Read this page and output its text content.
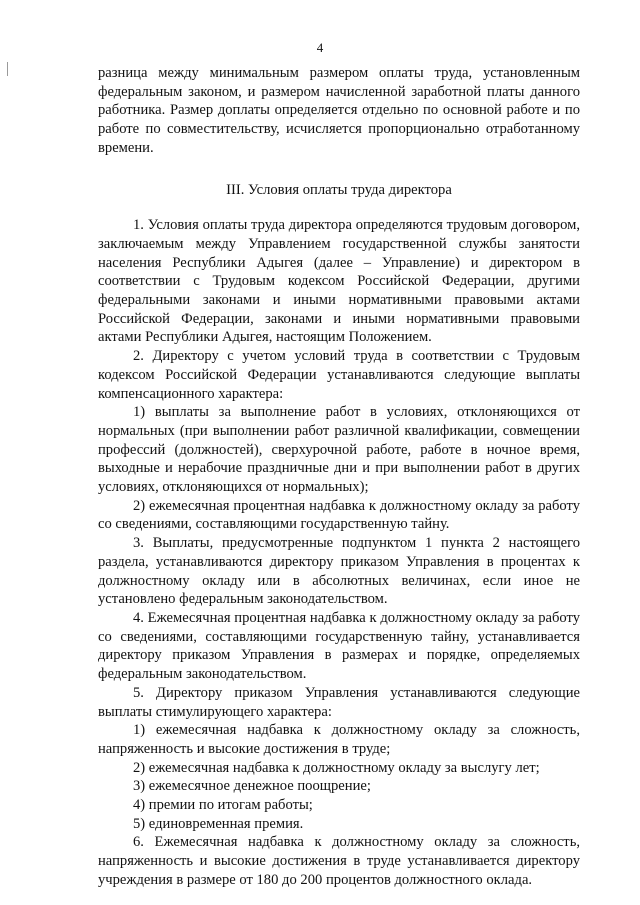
4

разница между минимальным размером оплаты труда, установленным федеральным законом, и размером начисленной заработной платы данного работника. Размер доплаты определяется отдельно по основной работе и по работе по совместительству, исчисляется пропорционально отработанному времени.

III. Условия оплаты труда директора

1. Условия оплаты труда директора определяются трудовым договором, заключаемым между Управлением государственной службы занятости населения Республики Адыгея (далее – Управление) и директором в соответствии с Трудовым кодексом Российской Федерации, другими федеральными законами и иными нормативными правовыми актами Российской Федерации, законами и иными нормативными правовыми актами Республики Адыгея, настоящим Положением.

2. Директору с учетом условий труда в соответствии с Трудовым кодексом Российской Федерации устанавливаются следующие выплаты компенсационного характера:

1) выплаты за выполнение работ в условиях, отклоняющихся от нормальных (при выполнении работ различной квалификации, совмещении профессий (должностей), сверхурочной работе, работе в ночное время, выходные и нерабочие праздничные дни и при выполнении работ в других условиях, отклоняющихся от нормальных);

2) ежемесячная процентная надбавка к должностному окладу за работу со сведениями, составляющими государственную тайну.

3. Выплаты, предусмотренные подпунктом 1 пункта 2 настоящего раздела, устанавливаются директору приказом Управления в процентах к должностному окладу или в абсолютных величинах, если иное не установлено федеральным законодательством.

4. Ежемесячная процентная надбавка к должностному окладу за работу со сведениями, составляющими государственную тайну, устанавливается директору приказом Управления в размерах и порядке, определяемых федеральным законодательством.

5. Директору приказом Управления устанавливаются следующие выплаты стимулирующего характера:

1) ежемесячная надбавка к должностному окладу за сложность, напряженность и высокие достижения в труде;

2) ежемесячная надбавка к должностному окладу за выслугу лет;

3) ежемесячное денежное поощрение;

4) премии по итогам работы;

5) единовременная премия.

6. Ежемесячная надбавка к должностному окладу за сложность, напряженность и высокие достижения в труде устанавливается директору учреждения в размере от 180 до 200 процентов должностного оклада.
